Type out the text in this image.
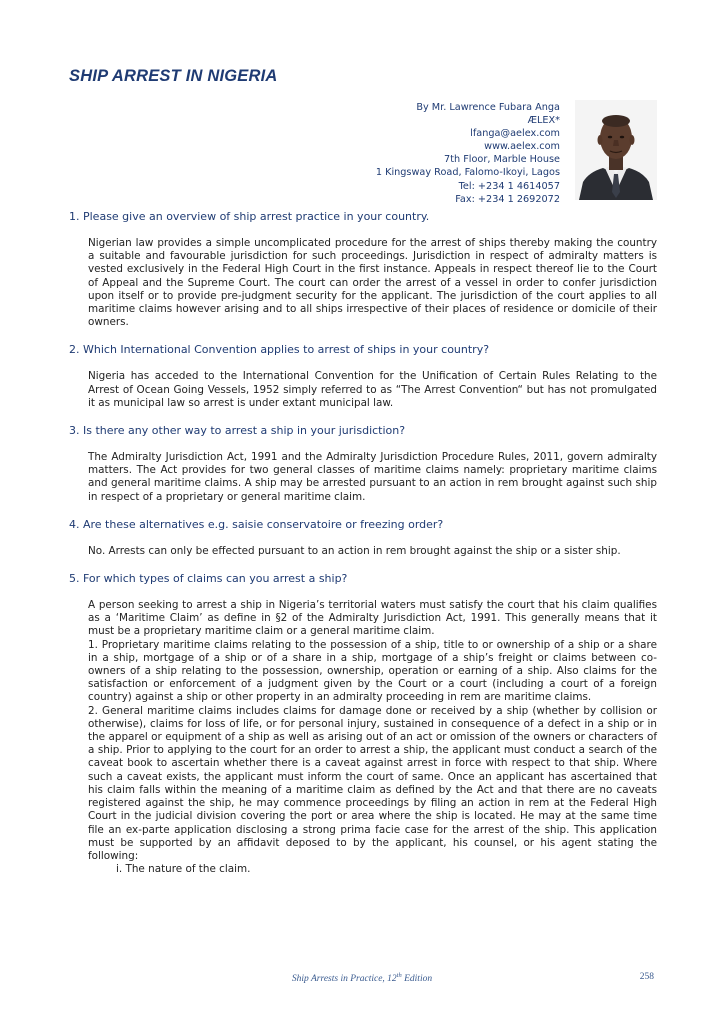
SHIP ARREST IN NIGERIA
By Mr. Lawrence Fubara Anga
ÆLEX*
lfanga@aelex.com
www.aelex.com
7th Floor, Marble House
1 Kingsway Road, Falomo-Ikoyi, Lagos
Tel: +234 1 4614057
Fax: +234 1 2692072
1. Please give an overview of ship arrest practice in your country.

Nigerian law provides a simple uncomplicated procedure for the arrest of ships thereby making the country a suitable and favourable jurisdiction for such proceedings. Jurisdiction in respect of admiralty matters is vested exclusively in the Federal High Court in the first instance. Appeals in respect thereof lie to the Court of Appeal and the Supreme Court. The court can order the arrest of a vessel in order to confer jurisdiction upon itself or to provide pre-judgment security for the applicant. The jurisdiction of the court applies to all maritime claims however arising and to all ships irrespective of their places of residence or domicile of their owners.

2. Which International Convention applies to arrest of ships in your country?

Nigeria has acceded to the International Convention for the Unification of Certain Rules Relating to the Arrest of Ocean Going Vessels, 1952 simply referred to as “The Arrest Convention“ but has not promulgated it as municipal law so arrest is under extant municipal law.

3. Is there any other way to arrest a ship in your jurisdiction?

The Admiralty Jurisdiction Act, 1991 and the Admiralty Jurisdiction Procedure Rules, 2011, govern admiralty matters. The Act provides for two general classes of maritime claims namely: proprietary maritime claims and general maritime claims. A ship may be arrested pursuant to an action in rem brought against such ship in respect of a proprietary or general maritime claim.

4. Are these alternatives e.g. saisie conservatoire or freezing order?

No. Arrests can only be effected pursuant to an action in rem brought against the ship or a sister ship.

5. For which types of claims can you arrest a ship?

A person seeking to arrest a ship in Nigeria’s territorial waters must satisfy the court that his claim qualifies as a ‘Maritime Claim’ as define in §2 of the Admiralty Jurisdiction Act, 1991. This generally means that it must be a proprietary maritime claim or a general maritime claim.

1. Proprietary maritime claims relating to the possession of a ship, title to or ownership of a ship or a share in a ship, mortgage of a ship or of a share in a ship, mortgage of a ship’s freight or claims between co-owners of a ship relating to the possession, ownership, operation or earning of a ship. Also claims for the satisfaction or enforcement of a judgment given by the Court or a court (including a court of a foreign country) against a ship or other property in an admiralty proceeding in rem are maritime claims.

2. General maritime claims includes claims for damage done or received by a ship (whether by collision or otherwise), claims for loss of life, or for personal injury, sustained in consequence of a defect in a ship or in the apparel or equipment of a ship as well as arising out of an act or omission of the owners or characters of a ship. Prior to applying to the court for an order to arrest a ship, the applicant must conduct a search of the caveat book to ascertain whether there is a caveat against arrest in force with respect to that ship. Where such a caveat exists, the applicant must inform the court of same. Once an applicant has ascertained that his claim falls within the meaning of a maritime claim as defined by the Act and that there are no caveats registered against the ship, he may commence proceedings by filing an action in rem at the Federal High Court in the judicial division covering the port or area where the ship is located. He may at the same time file an ex-parte application disclosing a strong prima facie case for the arrest of the ship. This application must be supported by an affidavit deposed to by the applicant, his counsel, or his agent stating the following:

i. The nature of the claim.

Ship Arrests in Practice, 12th Edition	258
